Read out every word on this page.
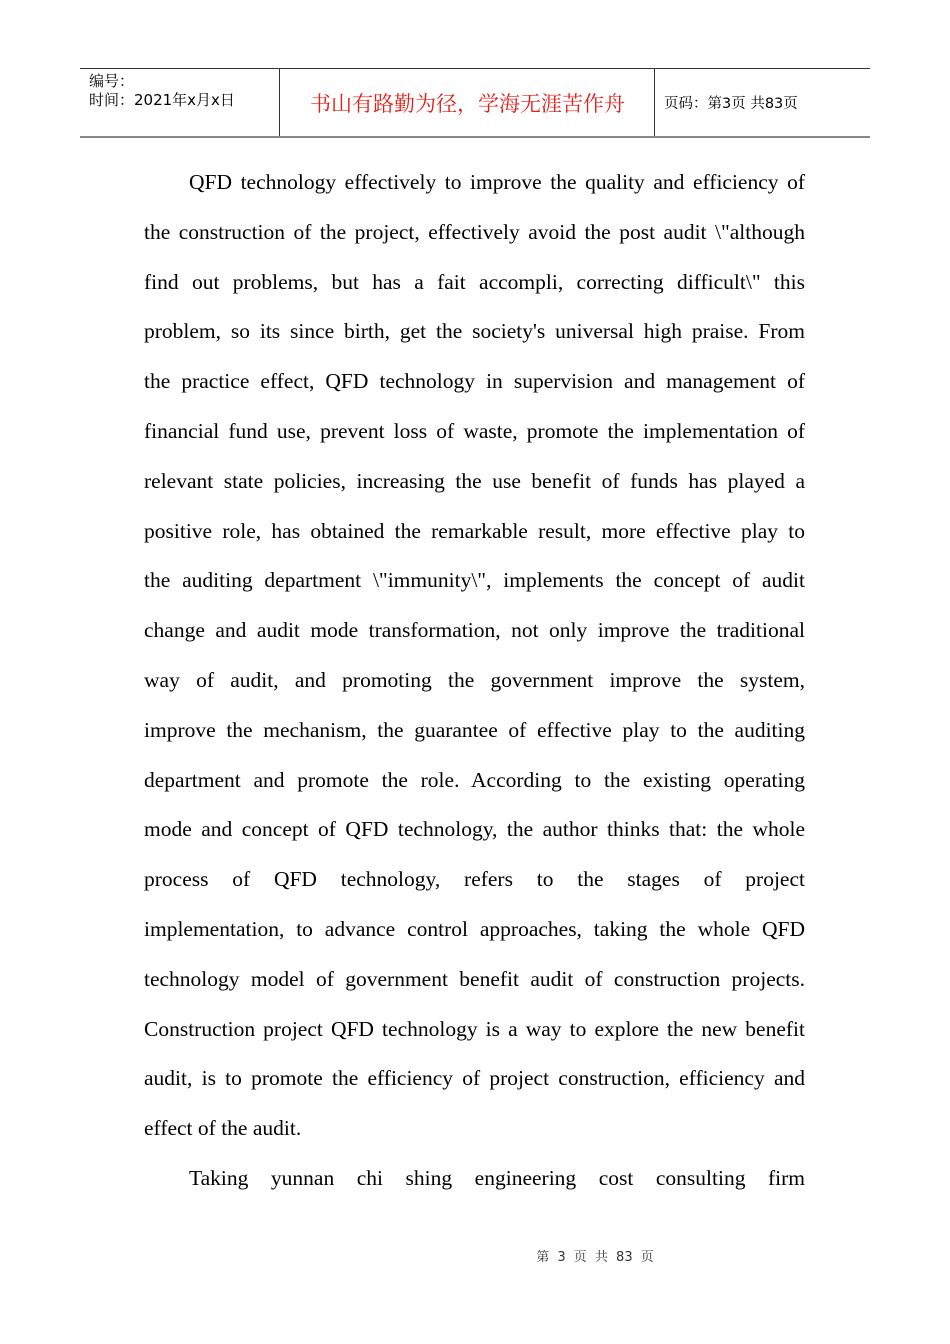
编号：
时间：2021年x月x日	书山有路勤为径，学海无涯苦作舟	页码：第3页 共83页
QFD technology effectively to improve the quality and efficiency of
the construction of the project, effectively avoid the post audit \"although
find out problems, but has a fait accompli, correcting difficult\" this
problem, so its since birth, get the society's universal high praise. From
the practice effect, QFD technology in supervision and management of
financial fund use, prevent loss of waste, promote the implementation of
relevant state policies, increasing the use benefit of funds has played a
positive role, has obtained the remarkable result, more effective play to
the auditing department \"immunity\", implements the concept of audit
change and audit mode transformation, not only improve the traditional
way of audit, and promoting the government improve the system,
improve the mechanism, the guarantee of effective play to the auditing
department and promote the role. According to the existing operating
mode and concept of QFD technology, the author thinks that: the whole
process of QFD technology, refers to the stages of project
implementation, to advance control approaches, taking the whole QFD
technology model of government benefit audit of construction projects.
Construction project QFD technology is a way to explore the new benefit
audit, is to promote the efficiency of project construction, efficiency and
effect of the audit.
Taking yunnan chi shing engineering cost consulting firm
第 3 页 共 83 页
